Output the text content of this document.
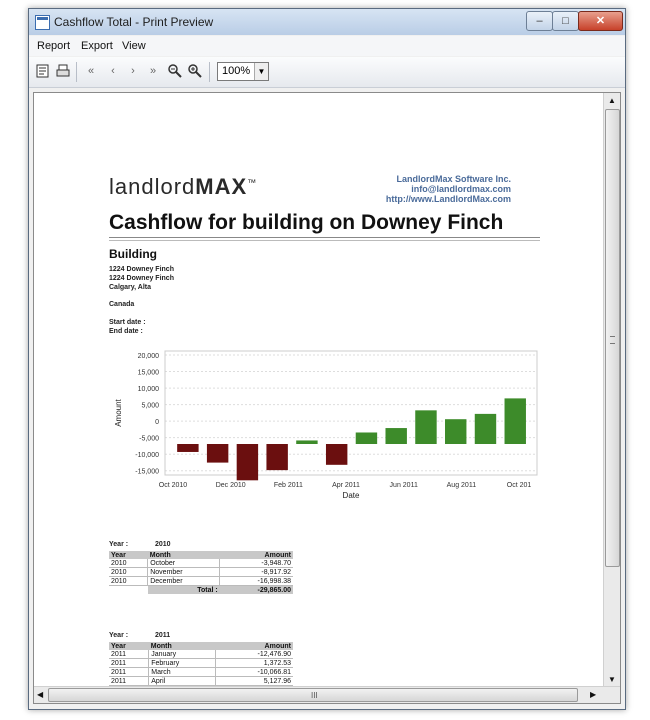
Cashflow Total - Print Preview	–	□	✕
Report Export View
«	‹	›	»	100% ▼
landlordMAX™	LandlordMax Software Inc.
info@landlordmax.com
http://www.LandlordMax.com
Cashflow for building on Downey Finch
Building
1224 Downey Finch
1224 Downey Finch
Calgary, Alta
Canada
Start date :
End date :
20,000
15,000
10,000
5,000
0
-5,000
-10,000
-15,000
Oct 2010	Dec 2010	Feb 2011	Apr 2011	Jun 2011	Aug 2011	Oct 201
Date
Amount
Year :	2010
Year	Month	Amount
2010	October	-3,948.70
2010	November	-8,917.92
2010	December	-16,998.38
	Total :	-29,865.00
Year :	2011
Year	Month	Amount
2011	January	-12,476.90
2011	February	1,372.53
2011	March	-10,066.81
2011	April	5,127.96
▲
▼
◀	III	▶
